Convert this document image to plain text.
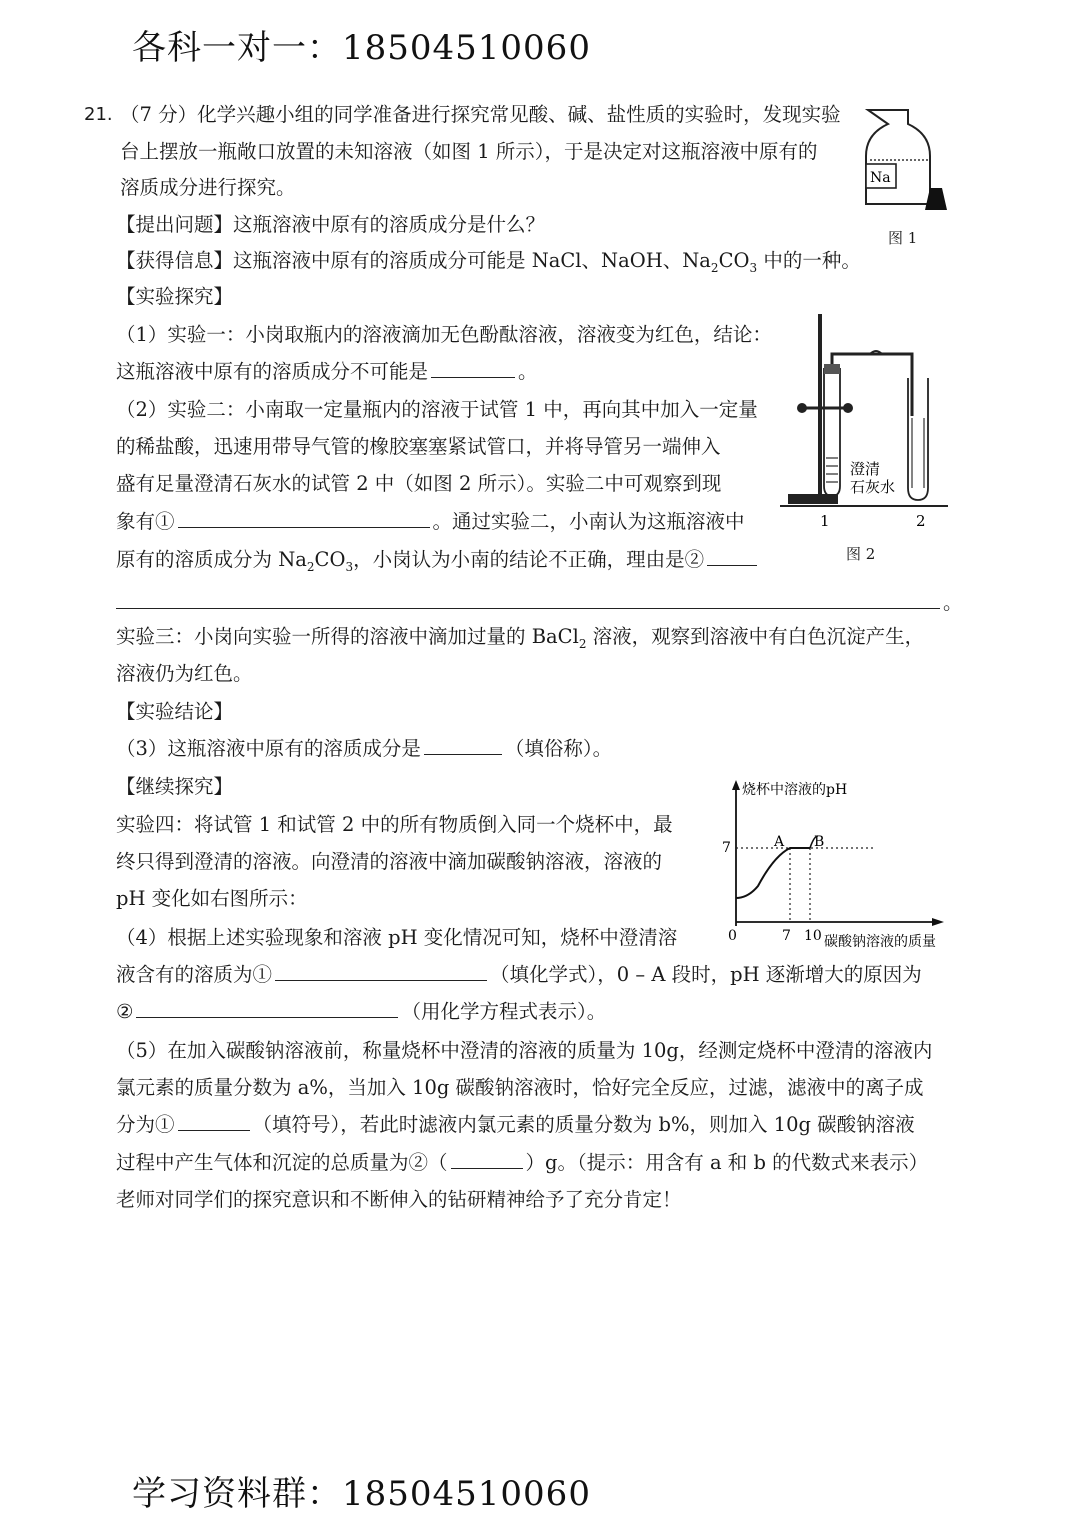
各科一对一：18504510060
学习资料群：18504510060
21. （7 分）化学兴趣小组的同学准备进行探究常见酸、碱、盐性质的实验时，发现实验
台上摆放一瓶敞口放置的未知溶液（如图 1 所示），于是决定对这瓶溶液中原有的
溶质成分进行探究。
【提出问题】这瓶溶液中原有的溶质成分是什么？
【获得信息】这瓶溶液中原有的溶质成分可能是 NaCl、NaOH、$Na_2CO_3$ 中的一种。
【实验探究】
（1）实验一：小岗取瓶内的溶液滴加无色酚酞溶液，溶液变为红色，结论：
这瓶溶液中原有的溶质成分不可能是	。
（2）实验二：小南取一定量瓶内的溶液于试管 1 中，再向其中加入一定量
的稀盐酸，迅速用带导气管的橡胶塞塞紧试管口，并将导管另一端伸入
盛有足量澄清石灰水的试管 2 中（如图 2 所示）。实验二中可观察到现
象有①	。通过实验二，小南认为这瓶溶液中
原有的溶质成分为 $Na_2CO_3$，小岗认为小南的结论不正确，理由是②
。
实验三：小岗向实验一所得的溶液中滴加过量的 BaCl$_2$ 溶液，观察到溶液中有白色沉淀产生，
溶液仍为红色。
【实验结论】
（3）这瓶溶液中原有的溶质成分是	（填俗称）。
【继续探究】
实验四：将试管 1 和试管 2 中的所有物质倒入同一个烧杯中，最
终只得到澄清的溶液。向澄清的溶液中滴加碳酸钠溶液，溶液的
pH 变化如右图所示：
（4）根据上述实验现象和溶液 pH 变化情况可知，烧杯中澄清溶
液含有的溶质为①	（填化学式），0 – A 段时，pH 逐渐增大的原因为
②	（用化学方程式表示）。
（5）在加入碳酸钠溶液前，称量烧杯中澄清的溶液的质量为 10g，经测定烧杯中澄清的溶液内
氯元素的质量分数为 a%，当加入 10g 碳酸钠溶液时，恰好完全反应，过滤，滤液中的离子成
分为①	（填符号），若此时滤液内氯元素的质量分数为 b%，则加入 10g 碳酸钠溶液
过程中产生气体和沉淀的总质量为②（	）g。（提示：用含有 a 和 b 的代数式来表示）
老师对同学们的探究意识和不断伸入的钻研精神给予了充分肯定！
Na
图 1
澄清
石灰水
1	2
图 2
烧杯中溶液的pH
碳酸钠溶液的质量
0
7
7 10
A B
